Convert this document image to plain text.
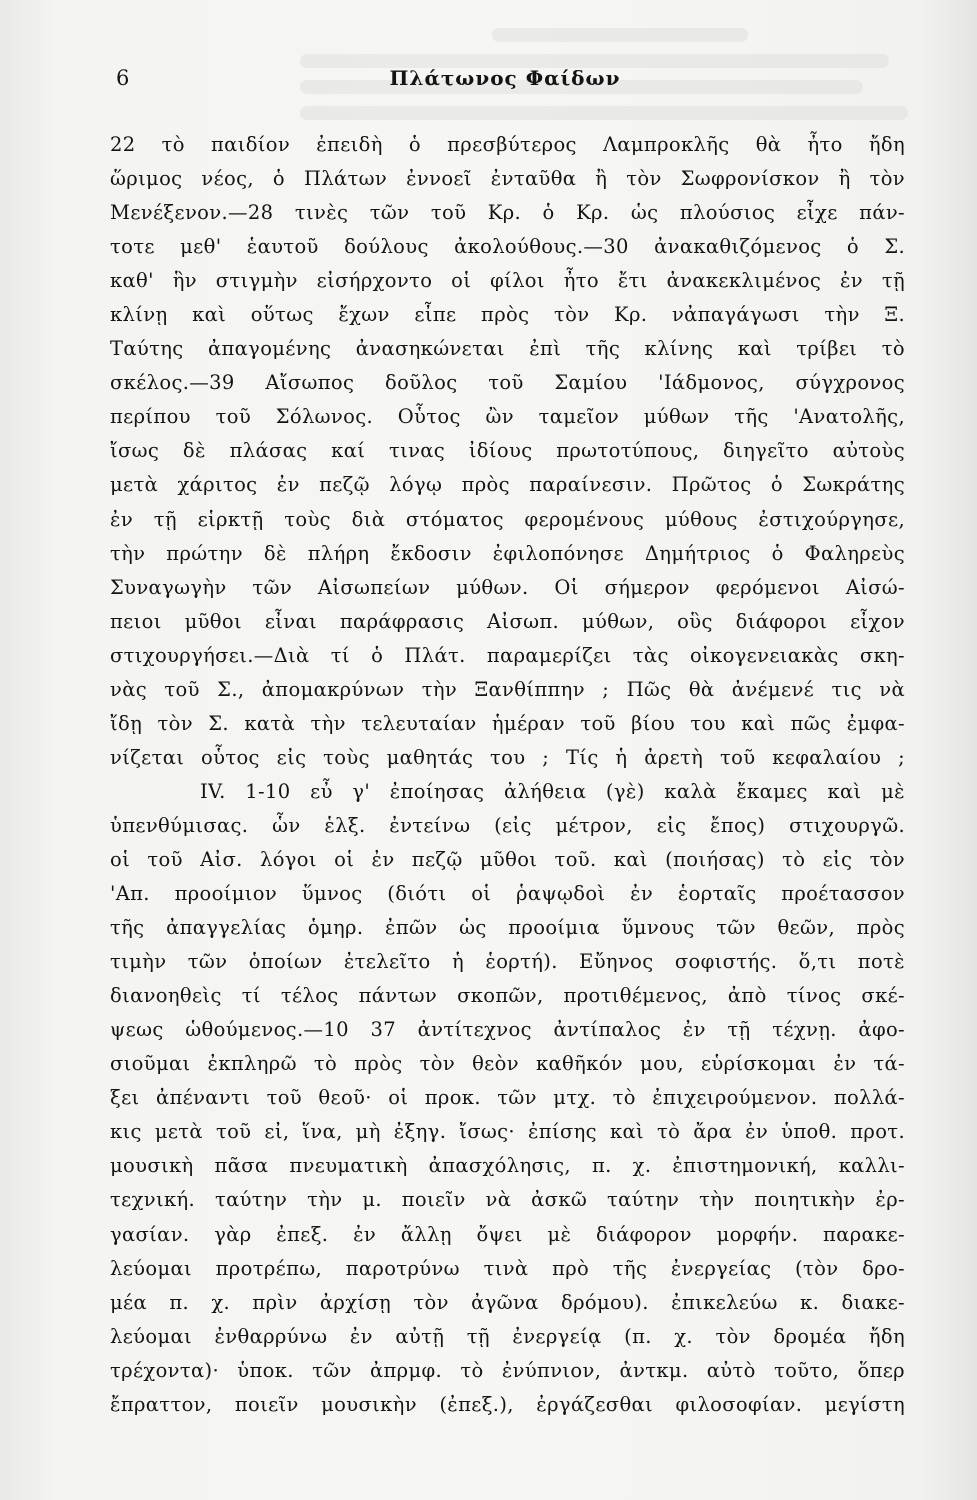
6	Πλάτωνος Φαίδων
22 τὸ παιδίον ἐπειδὴ ὁ πρεσβύτερος Λαμπροκλῆς θὰ ἦτο ἤδη
ὥριμος νέος, ὁ Πλάτων ἐννοεῖ ἐνταῦθα ἢ τὸν Σωφρονίσκον ἢ τὸν
Μενέξενον.—28 τινὲς τῶν τοῦ Κρ. ὁ Κρ. ὡς πλούσιος εἶχε πάν-
τοτε μεθ' ἑαυτοῦ δούλους ἀκολούθους.—30 ἀνακαθιζόμενος ὁ Σ.
καθ' ἣν στιγμὴν εἰσήρχοντο οἱ φίλοι ἦτο ἔτι ἀνακεκλιμένος ἐν τῇ
κλίνῃ καὶ οὕτως ἔχων εἶπε πρὸς τὸν Κρ. νἀπαγάγωσι τὴν Ξ.
Ταύτης ἀπαγομένης ἀνασηκώνεται ἐπὶ τῆς κλίνης καὶ τρίβει τὸ
σκέλος.—39 Αἴσωπος δοῦλος τοῦ Σαμίου 'Ιάδμονος, σύγχρονος
περίπου τοῦ Σόλωνος. Οὗτος ὢν ταμεῖον μύθων τῆς 'Ανατολῆς,
ἴσως δὲ πλάσας καί τινας ἰδίους πρωτοτύπους, διηγεῖτο αὐτοὺς
μετὰ χάριτος ἐν πεζῷ λόγῳ πρὸς παραίνεσιν. Πρῶτος ὁ Σωκράτης
ἐν τῇ εἱρκτῇ τοὺς διὰ στόματος φερομένους μύθους ἐστιχούργησε,
τὴν πρώτην δὲ πλήρη ἔκδοσιν ἐφιλοπόνησε Δημήτριος ὁ Φαληρεὺς
Συναγωγὴν τῶν Αἰσωπείων μύθων. Οἱ σήμερον φερόμενοι Αἰσώ-
πειοι μῦθοι εἶναι παράφρασις Αἰσωπ. μύθων, οὓς διάφοροι εἶχον
στιχουργήσει.—Διὰ τί ὁ Πλάτ. παραμερίζει τὰς οἰκογενειακὰς σκη-
νὰς τοῦ Σ., ἀπομακρύνων τὴν Ξανθίππην ; Πῶς θὰ ἀνέμενέ τις νὰ
ἴδῃ τὸν Σ. κατὰ τὴν τελευταίαν ἡμέραν τοῦ βίου του καὶ πῶς ἐμφα-
νίζεται οὗτος εἰς τοὺς μαθητάς του ; Τίς ἡ ἀρετὴ τοῦ κεφαλαίου ;
IV. 1-10 εὖ γ' ἐποίησας ἀλήθεια (γὲ) καλὰ ἔκαμες καὶ μὲ
ὑπενθύμισας. ὧν ἑλξ. ἐντείνω (εἰς μέτρον, εἰς ἔπος) στιχουργῶ.
οἱ τοῦ Αἰσ. λόγοι οἱ ἐν πεζῷ μῦθοι τοῦ. καὶ (ποιήσας) τὸ εἰς τὸν
'Απ. προοίμιον ὕμνος (διότι οἱ ῥαψῳδοὶ ἐν ἑορταῖς προέτασσον
τῆς ἀπαγγελίας ὁμηρ. ἐπῶν ὡς προοίμια ὕμνους τῶν θεῶν, πρὸς
τιμὴν τῶν ὁποίων ἐτελεῖτο ἡ ἑορτή). Εὔηνος σοφιστής. ὅ,τι ποτὲ
διανοηθεὶς τί τέλος πάντων σκοπῶν, προτιθέμενος, ἀπὸ τίνος σκέ-
ψεως ὡθούμενος.—10 37 ἀντίτεχνος ἀντίπαλος ἐν τῇ τέχνῃ. ἀφο-
σιοῦμαι ἐκπληρῶ τὸ πρὸς τὸν θεὸν καθῆκόν μου, εὑρίσκομαι ἐν τά-
ξει ἀπέναντι τοῦ θεοῦ· οἱ προκ. τῶν μτχ. τὸ ἐπιχειρούμενον. πολλά-
κις μετὰ τοῦ εἰ, ἵνα, μὴ ἐξηγ. ἴσως· ἐπίσης καὶ τὸ ἄρα ἐν ὑποθ. προτ.
μουσικὴ πᾶσα πνευματικὴ ἀπασχόλησις, π. χ. ἐπιστημονική, καλλι-
τεχνική. ταύτην τὴν μ. ποιεῖν νὰ ἀσκῶ ταύτην τὴν ποιητικὴν ἐρ-
γασίαν. γὰρ ἐπεξ. ἐν ἄλλῃ ὄψει μὲ διάφορον μορφήν. παρακε-
λεύομαι προτρέπω, παροτρύνω τινὰ πρὸ τῆς ἐνεργείας (τὸν δρο-
μέα π. χ. πρὶν ἀρχίσῃ τὸν ἀγῶνα δρόμου). ἐπικελεύω κ. διακε-
λεύομαι ἐνθαρρύνω ἐν αὐτῇ τῇ ἐνεργείᾳ (π. χ. τὸν δρομέα ἤδη
τρέχοντα)· ὑποκ. τῶν ἀπρμφ. τὸ ἐνύπνιον, ἀντκμ. αὐτὸ τοῦτο, ὅπερ
ἔπραττον, ποιεῖν μουσικὴν (ἐπεξ.), ἐργάζεσθαι φιλοσοφίαν. μεγίστη
